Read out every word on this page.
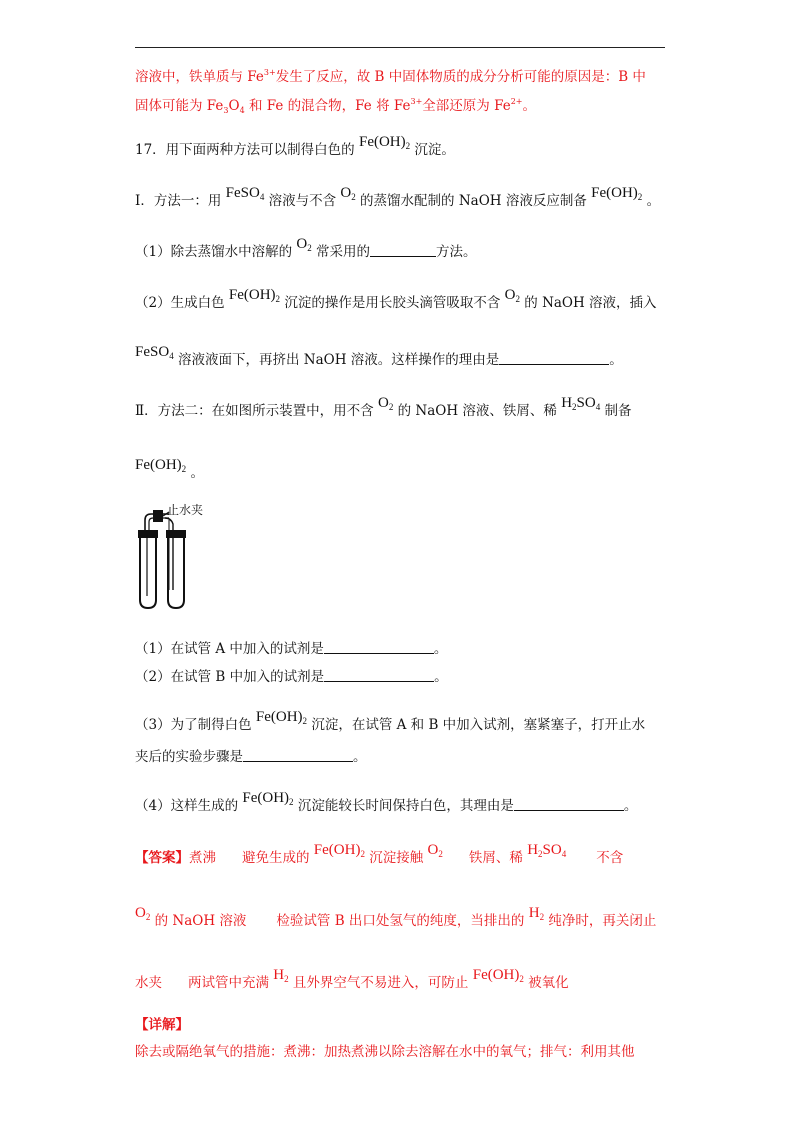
溶液中，铁单质与 $Fe^{3+}$发生了反应，故 B 中固体物质的成分分析可能的原因是：B 中
固体可能为 $Fe_3O_4$ 和 Fe 的混合物，Fe 将 $Fe^{3+}$全部还原为 $Fe^{2+}$。
17．用下面两种方法可以制得白色的 $Fe(OH)_2$ 沉淀。
Ⅰ．方法一：用 FeSO$_4$ 溶液与不含 $O_2$ 的蒸馏水配制的 NaOH 溶液反应制备 $Fe(OH)_2$ 。
（1）除去蒸馏水中溶解的 $O_2$ 常采用的	方法。
（2）生成白色 $Fe(OH)_2$ 沉淀的操作是用长胶头滴管吸取不含 $O_2$ 的 NaOH 溶液，插入
FeSO$_4$ 溶液液面下，再挤出 NaOH 溶液。这样操作的理由是	。
Ⅱ．方法二：在如图所示装置中，用不含 $O_2$ 的 NaOH 溶液、铁屑、稀 $H_2SO_4$ 制备
$Fe(OH)_2$ 。
止水夹
（1）在试管 A 中加入的试剂是	。
（2）在试管 B 中加入的试剂是	。
（3）为了制得白色 $Fe(OH)_2$ 沉淀，在试管 A 和 B 中加入试剂，塞紧塞子，打开止水
夹后的实验步骤是	。
（4）这样生成的 $Fe(OH)_2$ 沉淀能较长时间保持白色，其理由是	。
【答案】煮沸 避免生成的 $Fe(OH)_2$ 沉淀接触 $O_2$ 铁屑、稀 $H_2SO_4$ 不含
$O_2$ 的 NaOH 溶液 检验试管 B 出口处氢气的纯度，当排出的 $H_2$ 纯净时，再关闭止
水夹 两试管中充满 $H_2$ 且外界空气不易进入，可防止 $Fe(OH)_2$ 被氧化
【详解】
除去或隔绝氧气的措施：煮沸：加热煮沸以除去溶解在水中的氧气；排气：利用其他
